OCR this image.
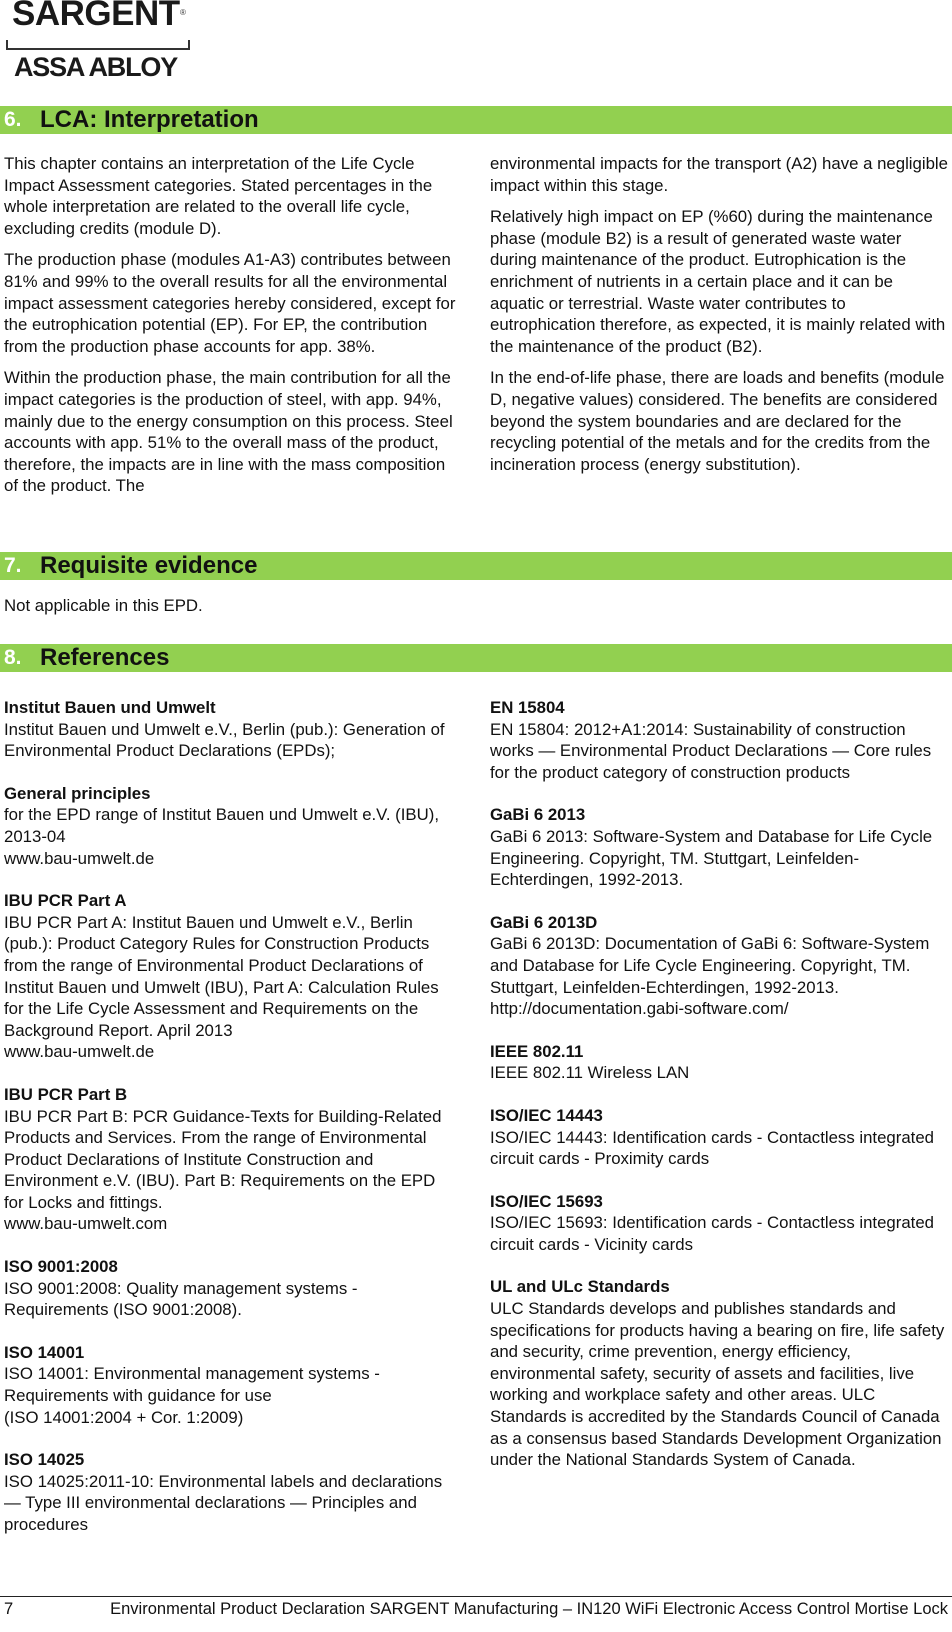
SARGENT ®
ASSA ABLOY
6. LCA: Interpretation

This chapter contains an interpretation of the Life Cycle Impact Assessment categories. Stated percentages in the whole interpretation are related to the overall life cycle, excluding credits (module D).

The production phase (modules A1-A3) contributes between 81% and 99% to the overall results for all the environmental impact assessment categories hereby considered, except for the eutrophication potential (EP). For EP, the contribution from the production phase accounts for app. 38%.

Within the production phase, the main contribution for all the impact categories is the production of steel, with app. 94%, mainly due to the energy consumption on this process. Steel accounts with app. 51% to the overall mass of the product, therefore, the impacts are in line with the mass composition of the product. The

environmental impacts for the transport (A2) have a negligible impact within this stage.

Relatively high impact on EP (%60) during the maintenance phase (module B2) is a result of generated waste water during maintenance of the product. Eutrophication is the enrichment of nutrients in a certain place and it can be aquatic or terrestrial. Waste water contributes to eutrophication therefore, as expected, it is mainly related with the maintenance of the product (B2).

In the end-of-life phase, there are loads and benefits (module D, negative values) considered. The benefits are considered beyond the system boundaries and are declared for the recycling potential of the metals and for the credits from the incineration process (energy substitution).

7. Requisite evidence

Not applicable in this EPD.

8. References
Institut Bauen und Umwelt
Institut Bauen und Umwelt e.V., Berlin (pub.): Generation of Environmental Product Declarations (EPDs);
General principles
for the EPD range of Institut Bauen und Umwelt e.V. (IBU), 2013-04
www.bau-umwelt.de
IBU PCR Part A
IBU PCR Part A: Institut Bauen und Umwelt e.V., Berlin (pub.): Product Category Rules for Construction Products from the range of Environmental Product Declarations of Institut Bauen und Umwelt (IBU), Part A: Calculation Rules for the Life Cycle Assessment and Requirements on the Background Report. April 2013
www.bau-umwelt.de
IBU PCR Part B
IBU PCR Part B: PCR Guidance-Texts for Building-Related Products and Services. From the range of Environmental Product Declarations of Institute Construction and Environment e.V. (IBU). Part B: Requirements on the EPD for Locks and fittings.
www.bau-umwelt.com
ISO 9001:2008
ISO 9001:2008: Quality management systems - Requirements (ISO 9001:2008).
ISO 14001
ISO 14001: Environmental management systems - Requirements with guidance for use
(ISO 14001:2004 + Cor. 1:2009)
ISO 14025
ISO 14025:2011-10: Environmental labels and declarations — Type III environmental declarations — Principles and procedures
EN 15804
EN 15804: 2012+A1:2014: Sustainability of construction works — Environmental Product Declarations — Core rules for the product category of construction products
GaBi 6 2013
GaBi 6 2013: Software-System and Database for Life Cycle Engineering. Copyright, TM. Stuttgart, Leinfelden-Echterdingen, 1992-2013.
GaBi 6 2013D
GaBi 6 2013D: Documentation of GaBi 6: Software-System and Database for Life Cycle Engineering. Copyright, TM. Stuttgart, Leinfelden-Echterdingen, 1992-2013. http://documentation.gabi-software.com/
IEEE 802.11
IEEE 802.11 Wireless LAN
ISO/IEC 14443
ISO/IEC 14443: Identification cards - Contactless integrated circuit cards - Proximity cards
ISO/IEC 15693
ISO/IEC 15693: Identification cards - Contactless integrated circuit cards - Vicinity cards
UL and ULc Standards
ULC Standards develops and publishes standards and specifications for products having a bearing on fire, life safety and security, crime prevention, energy efficiency, environmental safety, security of assets and facilities, live working and workplace safety and other areas. ULC Standards is accredited by the Standards Council of Canada as a consensus based Standards Development Organization under the National Standards System of Canada.
7	Environmental Product Declaration SARGENT Manufacturing – IN120 WiFi Electronic Access Control Mortise Lock
